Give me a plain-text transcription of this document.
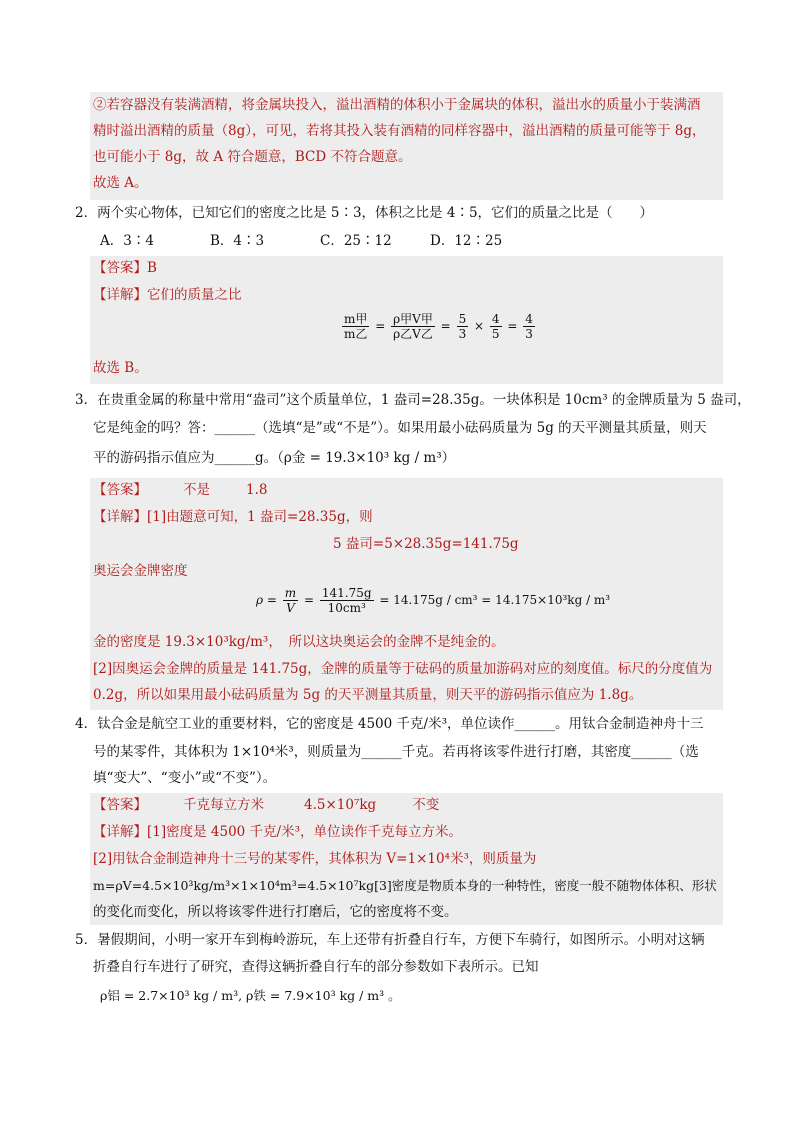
②若容器没有装满酒精，将金属块投入，溢出酒精的体积小于金属块的体积，溢出水的质量小于装满酒
精时溢出酒精的质量（8g），可见，若将其投入装有酒精的同样容器中，溢出酒精的质量可能等于 8g，
也可能小于 8g，故 A 符合题意，BCD 不符合题意。
故选 A。
2．两个实心物体，已知它们的密度之比是 5∶3，体积之比是 4∶5，它们的质量之比是（　　）
A．3∶4	B．4∶3	C．25∶12	D．12∶25
【答案】B
【详解】它们的质量之比
$\frac{\text{m甲}}{\text{m乙}} = \frac{\text{ρ甲V甲}}{\text{ρ乙V乙}} = \frac{5}{3} \times \frac{4}{5} = \frac{4}{3}$
故选 B。
3．在贵重金属的称量中常用“盎司”这个质量单位，1 盎司=28.35g。一块体积是 10cm³ 的金牌质量为 5 盎司，
它是纯金的吗？答：______（选填“是”或“不是”）。如果用最小砝码质量为 5g 的天平测量其质量，则天
平的游码指示值应为______g。（ρ金 = 19.3×10³ kg / m³）
【答案】	不是	1.8
【详解】[1]由题意可知，1 盎司=28.35g，则
5 盎司=5×28.35g=141.75g
奥运会金牌密度
$\rho = \frac{m}{V} = \frac{141.75g}{\text{10cm³}} = 14.175g / cm^3 = 14.175\times 10^3kg / m^3$
金的密度是 19.3×10³kg/m³，　所以这块奥运会的金牌不是纯金的。
[2]因奥运会金牌的质量是 141.75g，金牌的质量等于砝码的质量加游码对应的刻度值。标尺的分度值为
0.2g，所以如果用最小砝码质量为 5g 的天平测量其质量，则天平的游码指示值应为 1.8g。
4．钛合金是航空工业的重要材料，它的密度是 4500 千克/米³，单位读作______。用钛合金制造神舟十三
号的某零件，其体积为 1×10⁴米³，则质量为______千克。若再将该零件进行打磨，其密度______（选
填“变大”、“变小”或“不变”）。
【答案】	千克每立方米	4.5×10⁷kg	不变
【详解】[1]密度是 4500 千克/米³，单位读作千克每立方米。
[2]用钛合金制造神舟十三号的某零件，其体积为 V=1×10⁴米³，则质量为
m=ρV=4.5×10³kg/m³×1×10⁴m³=4.5×10⁷kg[3]密度是物质本身的一种特性，密度一般不随物体体积、形状
的变化而变化，所以将该零件进行打磨后，它的密度将不变。
5．暑假期间，小明一家开车到梅岭游玩，车上还带有折叠自行车，方便下车骑行，如图所示。小明对这辆
折叠自行车进行了研究，查得这辆折叠自行车的部分参数如下表所示。已知
ρ铝 = 2.7×10³ kg / m³, ρ铁 = 7.9×10³ kg / m³ 。
